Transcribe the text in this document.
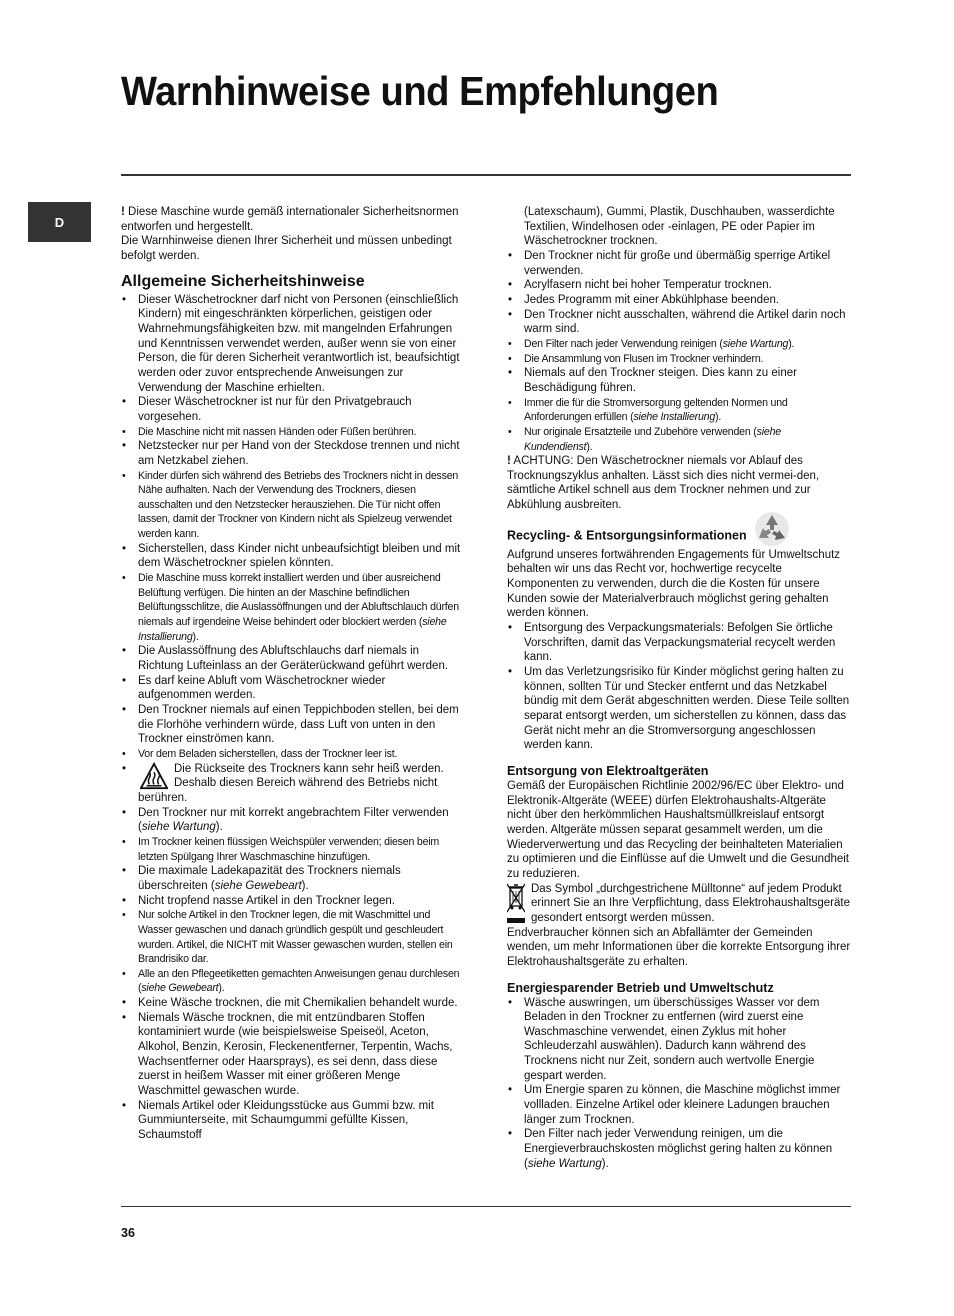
Warnhinweise und Empfehlungen
D

! Diese Maschine wurde gemäß internationaler Sicherheitsnormen entworfen und hergestellt.

Die Warnhinweise dienen Ihrer Sicherheit und müssen unbedingt befolgt werden.

Allgemeine Sicherheitshinweise
• Dieser Wäschetrockner darf nicht von Personen (einschließlich Kindern) mit eingeschränkten körperlichen, geistigen oder Wahrnehmungsfähigkeiten bzw. mit mangelnden Erfahrungen und Kenntnissen verwendet werden, außer wenn sie von einer Person, die für deren Sicherheit verantwortlich ist, beaufsichtigt werden oder zuvor entsprechende Anweisungen zur Verwendung der Maschine erhielten.
• Dieser Wäschetrockner ist nur für den Privatgebrauch vorgesehen.
• Die Maschine nicht mit nassen Händen oder Füßen berühren.
• Netzstecker nur per Hand von der Steckdose trennen und nicht am Netzkabel ziehen.
• Kinder dürfen sich während des Betriebs des Trockners nicht in dessen Nähe aufhalten. Nach der Verwendung des Trockners, diesen ausschalten und den Netzstecker herausziehen. Die Tür nicht offen lassen, damit der Trockner von Kindern nicht als Spielzeug verwendet werden kann.
• Sicherstellen, dass Kinder nicht unbeaufsichtigt bleiben und mit dem Wäschetrockner spielen könnten.
• Die Maschine muss korrekt installiert werden und über ausreichend Belüftung verfügen. Die hinten an der Maschine befindlichen Belüftungsschlitze, die Auslassöffnungen und der Abluftschlauch dürfen niemals auf irgendeine Weise behindert oder blockiert werden (siehe Installierung).
• Die Auslassöffnung des Abluftschlauchs darf niemals in Richtung Lufteinlass an der Geräterückwand geführt werden.
• Es darf keine Abluft vom Wäschetrockner wieder aufgenommen werden.
• Den Trockner niemals auf einen Teppichboden stellen, bei dem die Florhöhe verhindern würde, dass Luft von unten in den Trockner einströmen kann.
• Vor dem Beladen sicherstellen, dass der Trockner leer ist.
• Die Rückseite des Trockners kann sehr heiß werden. Deshalb diesen Bereich während des Betriebs nicht berühren.
• Den Trockner nur mit korrekt angebrachtem Filter verwenden (siehe Wartung).
• Im Trockner keinen flüssigen Weichspüler verwenden; diesen beim letzten Spülgang Ihrer Waschmaschine hinzufügen.
• Die maximale Ladekapazität des Trockners niemals überschreiten (siehe Gewebeart).
• Nicht tropfend nasse Artikel in den Trockner legen.
• Nur solche Artikel in den Trockner legen, die mit Waschmittel und Wasser gewaschen und danach gründlich gespült und geschleudert wurden. Artikel, die NICHT mit Wasser gewaschen wurden, stellen ein Brandrisiko dar.
• Alle an den Pflegeetiketten gemachten Anweisungen genau durchlesen (siehe Gewebeart).
• Keine Wäsche trocknen, die mit Chemikalien behandelt wurde.
• Niemals Wäsche trocknen, die mit entzündbaren Stoffen kontaminiert wurde (wie beispielsweise Speiseöl, Aceton, Alkohol, Benzin, Kerosin, Fleckenentferner, Terpentin, Wachs, Wachsentferner oder Haarsprays), es sei denn, dass diese zuerst in heißem Wasser mit einer größeren Menge Waschmittel gewaschen wurde.
• Niemals Artikel oder Kleidungsstücke aus Gummi bzw. mit Gummiunterseite, mit Schaumgummi gefüllte Kissen, Schaumstoff

(Latexschaum), Gummi, Plastik, Duschhauben, wasserdichte Textilien, Windelhosen oder -einlagen, PE oder Papier im Wäschetrockner trocknen.

• Den Trockner nicht für große und übermäßig sperrige Artikel verwenden.
• Acrylfasern nicht bei hoher Temperatur trocknen.
• Jedes Programm mit einer Abkühlphase beenden.
• Den Trockner nicht ausschalten, während die Artikel darin noch warm sind.
• Den Filter nach jeder Verwendung reinigen (siehe Wartung).
• Die Ansammlung von Flusen im Trockner verhindern.
• Niemals auf den Trockner steigen. Dies kann zu einer Beschädigung führen.
• Immer die für die Stromversorgung geltenden Normen und Anforderungen erfüllen (siehe Installierung).
• Nur originale Ersatzteile und Zubehöre verwenden (siehe Kundendienst).

! ACHTUNG: Den Wäschetrockner niemals vor Ablauf des Trocknungszyklus anhalten. Lässt sich dies nicht vermei-den, sämtliche Artikel schnell aus dem Trockner nehmen und zur Abkühlung ausbreiten.

Recycling- & Entsorgungsinformationen

Aufgrund unseres fortwährenden Engagements für Umweltschutz behalten wir uns das Recht vor, hochwertige recycelte Komponenten zu verwenden, durch die die Kosten für unsere Kunden sowie der Materialverbrauch möglichst gering gehalten werden können.

• Entsorgung des Verpackungsmaterials: Befolgen Sie örtliche Vorschriften, damit das Verpackungsmaterial recycelt werden kann.
• Um das Verletzungsrisiko für Kinder möglichst gering halten zu können, sollten Tür und Stecker entfernt und das Netzkabel bündig mit dem Gerät abgeschnitten werden. Diese Teile sollten separat entsorgt werden, um sicherstellen zu können, dass das Gerät nicht mehr an die Stromversorgung angeschlossen werden kann.
Entsorgung von Elektroaltgeräten

Gemäß der Europäischen Richtlinie 2002/96/EC über Elektro- und Elektronik-Altgeräte (WEEE) dürfen Elektrohaushalts-Altgeräte nicht über den herkömmlichen Haushaltsmüllkreislauf entsorgt werden. Altgeräte müssen separat gesammelt werden, um die Wiederverwertung und das Recycling der beinhalteten Materialien zu optimieren und die Einflüsse auf die Umwelt und die Gesundheit zu reduzieren.

Das Symbol „durchgestrichene Mülltonne“ auf jedem Produkt erinnert Sie an Ihre Verpflichtung, dass Elektrohaushaltsgeräte gesondert entsorgt werden müssen.

Endverbraucher können sich an Abfallämter der Gemeinden wenden, um mehr Informationen über die korrekte Entsorgung ihrer Elektrohaushaltsgeräte zu erhalten.

Energiesparender Betrieb und Umweltschutz
• Wäsche auswringen, um überschüssiges Wasser vor dem Beladen in den Trockner zu entfernen (wird zuerst eine Waschmaschine verwendet, einen Zyklus mit hoher Schleuderzahl auswählen). Dadurch kann während des Trocknens nicht nur Zeit, sondern auch wertvolle Energie gespart werden.
• Um Energie sparen zu können, die Maschine möglichst immer vollladen. Einzelne Artikel oder kleinere Ladungen brauchen länger zum Trocknen.
• Den Filter nach jeder Verwendung reinigen, um die Energieverbrauchskosten möglichst gering halten zu können (siehe Wartung).
36
